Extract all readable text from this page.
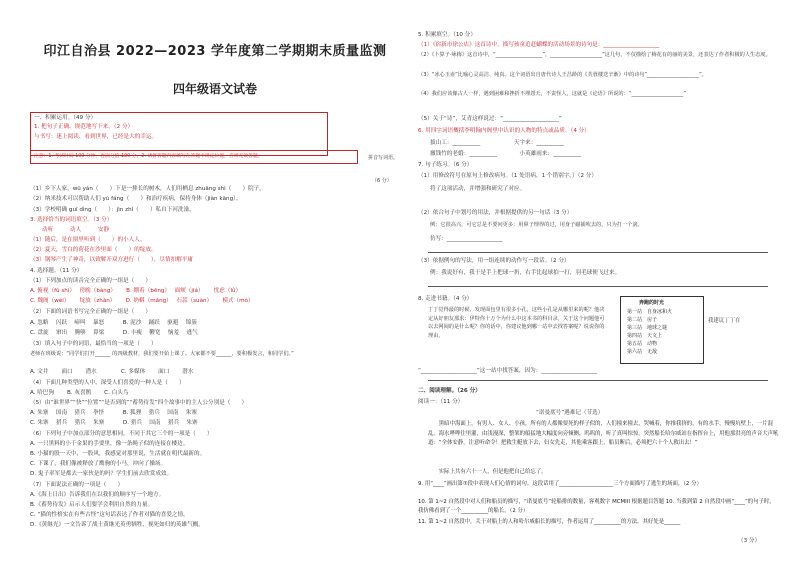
印江自治县 2022—2023 学年度第二学期期末质量监测
四年级语文试卷
一、积累运用。（49 分）
1. 把句子正确、规范地写下来。（2 分）
与书写：迷上阅读、看到世界，已经是大的幸运。
注意：1. 考试时间 100 分钟，卷面分值 100 分。2. 请将答题内容填写在答题卡规定位置，否则无效答题。	拼音写词语。
（6 分）
（1）乡下人家，wū yán（　　）下是一排长的树木，人们用栖息 zhuāng shì（　　）院子。
（2）纳米技术可以帮助人们 yù fáng（　　）和治疗疾病，保持身体（jiàn kāng）。
（3）学校明确 guī dìng（　　）：jìn zhǐ（　　）私自下河洗澡。
3. 选择恰当的词语填空。（3 分）
动听　　　动人　　　安静
（1）随后，是在窗里听到（　　）的小人人。
（2）夏天，雪白的荷花在沙里面（　　）的绽放，
（3）钢琴产生了神奇，以致解开双方进行（　　），尽情扣解平庸
4. 选择题。（11 分）
（1）下列加点的读音完全正确的一组是（　　）
A. 俯视（fǔ shì）　 傍晚（bàng）　　 B. 绷着（bēng）　 面颊（jiá）　　 忧虑（lǜ）
C. 魏阁（wèi）　　 绽放（zhàn）　　 D. 奶蟒（mǎng）　 石蒜（suàn）　　 模式（mó）
（2）下面的词语书写完全正确的一组是（　　）
A. 忽略　 闪跃　 啼叫　 暴怒　　　 B. 泥沙　 踊跃　 驱避　 锦簇
C. 盘旋　 窜出　 腾够　 鼻梁　　　 D. 丰瘦　 鞭宽　 恼羞　 逃气
（3）填入句子中的词语，最恰当的一项是（　　）
老师在班级说：“同学们打开______ 的四级教材，我们要开始上课了。大家都不要______，要积极发言，和同学们。”
A. 文井　　 面口　　 潜水　　　　 C. 多媒体　　 面口　　 潜水
（4）下面几种类型的人中，深受人们喜爱的一种人是（　　）
A. 哈巴狗　　 B. 灰喜鹊　　 C. 白头鸟
（5）由“谁世界”“快”“位置”“是否到的”“蓄势待发”四个故事中的主人公分别是（　　）
A. 朱寨　 国南　 猎兵　 拳怪　　　 B. 狐狸　 猎兵　 国南　 朱寨
C. 朱寨　 猎兵　 猎兵　 朱寨　　　 D. 猎兵　 国南　 猎兵　 朱寨
（6）下列句子中加点部分的意思相同，不同于其它三个的一项是（　　）
A. 一只黑料的小千金果的手要里，像一条绳子似的连接在楼边。
B. 小猫的股一天中，一股风，我感觉对那里说，生活就在明代最新的。
C. 下课了，我们像被释放了鹰驹的小马，冲向了操场。
D. 鬼子率军是都去一家伙是的吗？学生们前去欣赏成效。
（7）下面说法正确的一项是（　　）
A.《海上日出》告诉我们在以我们的顺序写一个地方。
B.《蓄势待发》启示人们要学会利用自然的力量。
C. “猫的性格实在有些古怪”这句话表达了作者对猫的喜爱之情。
D.《黄继光》一文告诉了战士黄继光英勇牺牲、视死如归的英雄气概。
5. 积累填空。（10 分）
（1）《宿新市徐公店》这首诗中，描写孩童追赶蝴蝶的活动场景的诗句是：____________________
（2）《卜算子·咏梅》这首诗中，“__________________”，____________________”这几句，不仅描绘了梅花有的丽的美景，还表达了作者积极的人生态度。
（3）“冰心玉壶”比喻心灵高洁、纯真。这个词语出自唐代诗人王昌龄的《芙蓉楼送辛渐》中的诗句“____________________”。
（4）我们应该像古人一样，遇到困难和挫折不埋怨天，不责怪人，这就是《论语》所说的：“____________________”
（5）关于“诗”，艾青这样说过：“____________________”
6. 用四字词语概括李明翰内阁里中认识的人物的特点或品质。（4 分）
拔山工：__________　　　　　　天宇来：__________
撤钱竹的老婚：__________　　　　小英雄雨来：__________
7. 句子练习。（6 分）
（1）用修改符号在原句上修改病句。（1 处语病，1 个错别字。）（2 分）
将了这项活动，并增强和研究了对应。
（2）依合句子中划号的用法，并根据提供的另一句话（3 分）
例：它很高兴，可它总是不要问更多：用鼻子理得的过，用身子磁捕吹去的，只为打一个滚。
仿写：____________________
（3）依据例句的写法，用一组连续的动作写一段话。（2 分）
例：我说好有，我于是手上把球一扔，右手比起球拍一打，羽毛球便飞过来。
8. 走进书籍。（4 分）
丁丁觉得最的时候，发现面包里有很多小孔，这些小孔是从哪里来的呢？他决定从好朋友那求：伊特你十万个为什么中这本书的科目录，关于这个问题他可以去网阅的是什么呢？你的话中，你建议他到哪一站中去找答案呢？说说你的理由。
奔跑的时光
第一站　自身冰和火
第二站　房子
第三站　地球之谜
第四站　天文上
第五站　动物
第六站　无敌
我建议丁丁在
“____________________”这一站中找答案，因为：____________________
二、阅读理解。（26 分）
阅读一：（11 分）
“诺曼底号”遇难记（节选）
　　黑暗中海面上，有男人、女人、小孩，所有的人都像要死的样子似的，人们撞来撞去，哭喊着，你推我挤的，有的水手，慢慢坑壁上，一片混乱。海水哗哗往里灌，由浅漫深，整架的船猛地大幅度向旁倾侧，呜呜的，听了真叫惊惊。突然船长哈尔威站在指挥台上，用他那洪亮的声音大声吼道：“全体安静，注意听命令！把救生艇放下去，妇女先走，其他乘客跟上，船员断后，必须把六十个人救出去！”
　　实际上共有六十一人，但是他把自己给忘了。
9. 用“____”画出第⑦段中表现人们心情的词句。这段话用了____________________三个方面描写了逃生的场面。（2 分）
10. 第 1~2 自然段中对人们和船员的描写，“诺曼底号”轮船排的数量，客观数字 MCMIII 根据题目答题 10. 当我到第 2 自然段中画“____”的句子时，我仿佛看到了一个__________的船长。（2 分）
11. 第 1~2 自然段中，关于对船上的人和哈尔威船长的描写，作者运用了__________的方法，其好处是______
（3 分）
